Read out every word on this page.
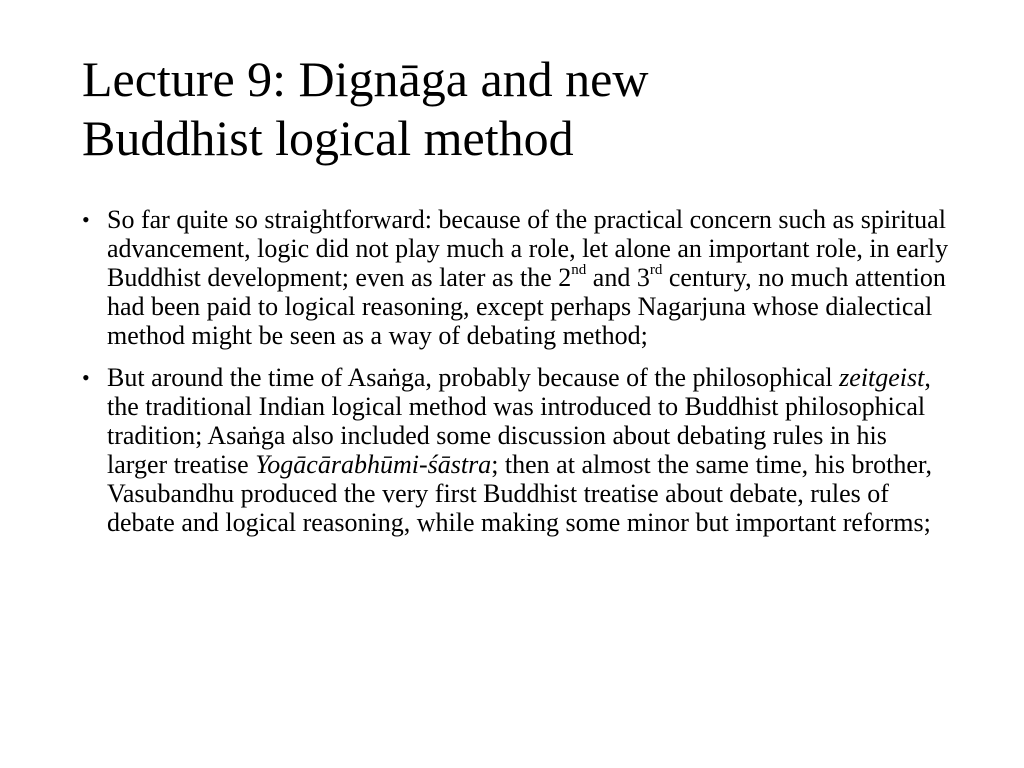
Lecture 9: Dignāga and new
Buddhist logical method
• So far quite so straightforward: because of the practical concern such as spiritual advancement, logic did not play much a role, let alone an important role, in early Buddhist development; even as later as the 2nd and 3rd century, no much attention had been paid to logical reasoning, except perhaps Nagarjuna whose dialectical method might be seen as a way of debating method;
• But around the time of Asaṅga, probably because of the philosophical zeitgeist, the traditional Indian logical method was introduced to Buddhist philosophical tradition; Asaṅga also included some discussion about debating rules in his larger treatise Yogācārabhūmi-śāstra; then at almost the same time, his brother, Vasubandhu produced the very first Buddhist treatise about debate, rules of debate and logical reasoning, while making some minor but important reforms;
